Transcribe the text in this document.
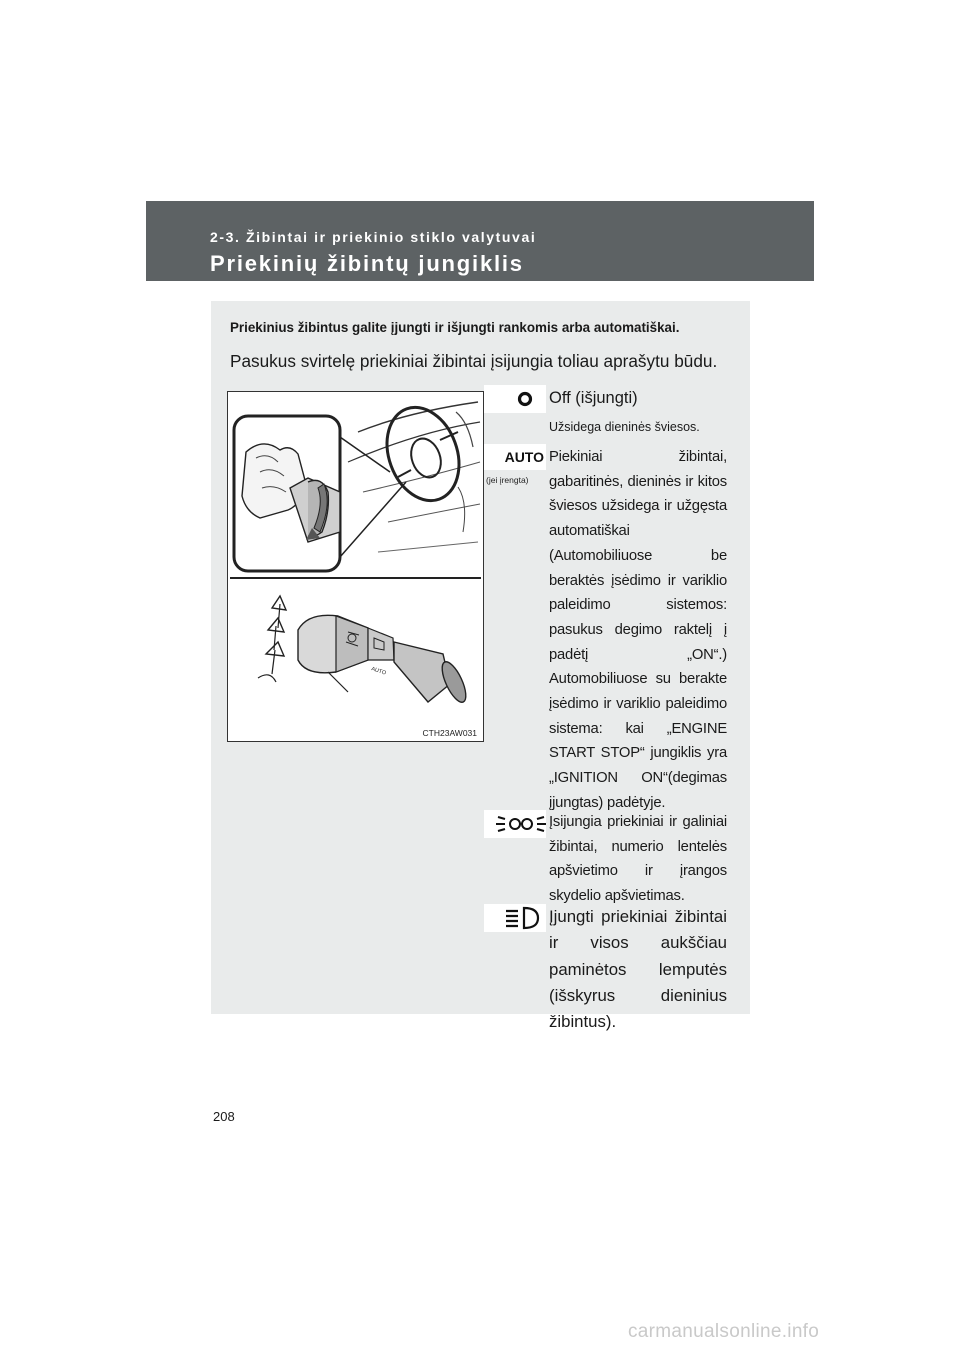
2-3. Žibintai ir priekinio stiklo valytuvai
Priekinių žibintų jungiklis
Priekinius žibintus galite įjungti ir išjungti rankomis arba automatiškai.
Pasukus svirtelę priekiniai žibintai įsijungia toliau aprašytu būdu.
AUTO
CTH23AW031
Off (išjungti)
Užsidega dieninės šviesos.
AUTO
(jei įrengta)
Piekiniai žibintai, gabaritinės, dieninės ir kitos šviesos užsidega ir užgęsta automatiškai (Automobiliuose be beraktės įsėdimo ir variklio paleidimo sistemos: pasukus degimo raktelį į padėtį „ON“.) Automobiliuose su berakte įsėdimo ir variklio paleidimo sistema: kai „ENGINE START STOP“ jungiklis yra „IGNITION ON“(degimas įjungtas) padėtyje.
Įsijungia priekiniai ir galiniai žibintai, numerio lentelės apšvietimo ir įrangos skydelio apšvietimas.
Įjungti priekiniai žibintai ir visos aukščiau paminėtos lemputės (išskyrus dieninius žibintus).
208
carmanualsonline.info
